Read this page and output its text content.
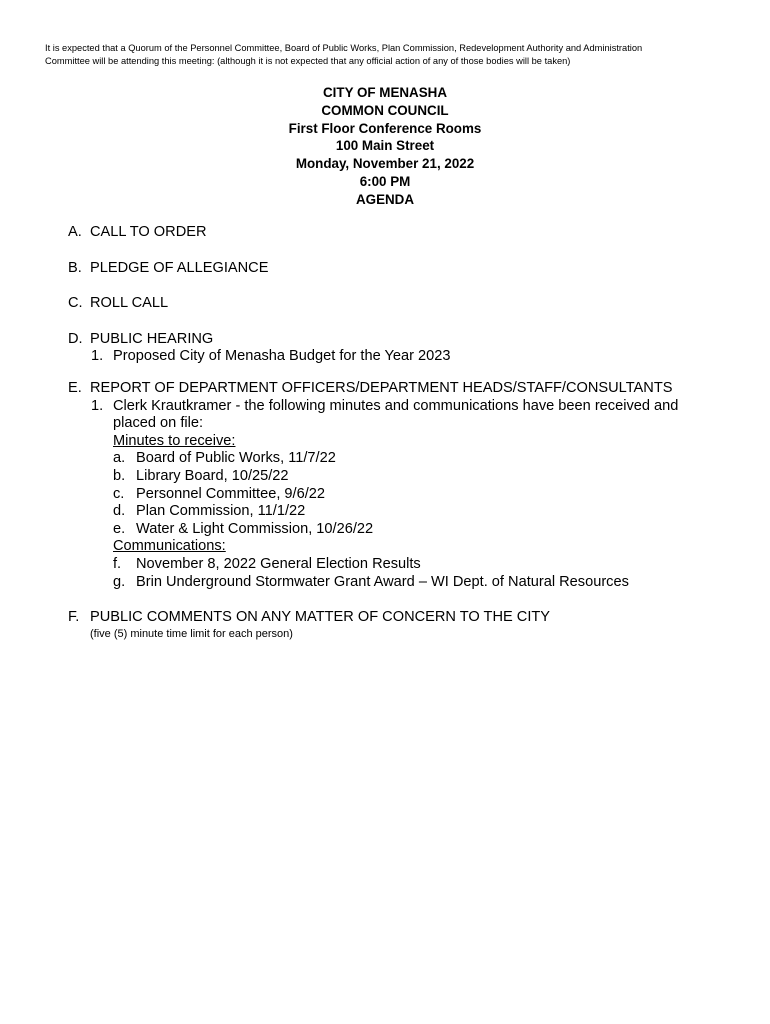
It is expected that a Quorum of the Personnel Committee, Board of Public Works, Plan Commission, Redevelopment Authority and Administration
Committee will be attending this meeting: (although it is not expected that any official action of any of those bodies will be taken)
CITY OF MENASHA
COMMON COUNCIL
First Floor Conference Rooms
100 Main Street
Monday, November 21, 2022
6:00 PM
AGENDA
A. CALL TO ORDER
B. PLEDGE OF ALLEGIANCE
C. ROLL CALL
D. PUBLIC HEARING
1. Proposed City of Menasha Budget for the Year 2023
E. REPORT OF DEPARTMENT OFFICERS/DEPARTMENT HEADS/STAFF/CONSULTANTS
1. Clerk Krautkramer - the following minutes and communications have been received and
placed on file:
Minutes to receive:
a. Board of Public Works, 11/7/22
b. Library Board, 10/25/22
c. Personnel Committee, 9/6/22
d. Plan Commission, 11/1/22
e. Water & Light Commission, 10/26/22
Communications:
f. November 8, 2022 General Election Results
g. Brin Underground Stormwater Grant Award – WI Dept. of Natural Resources
F. PUBLIC COMMENTS ON ANY MATTER OF CONCERN TO THE CITY
(five (5) minute time limit for each person)
